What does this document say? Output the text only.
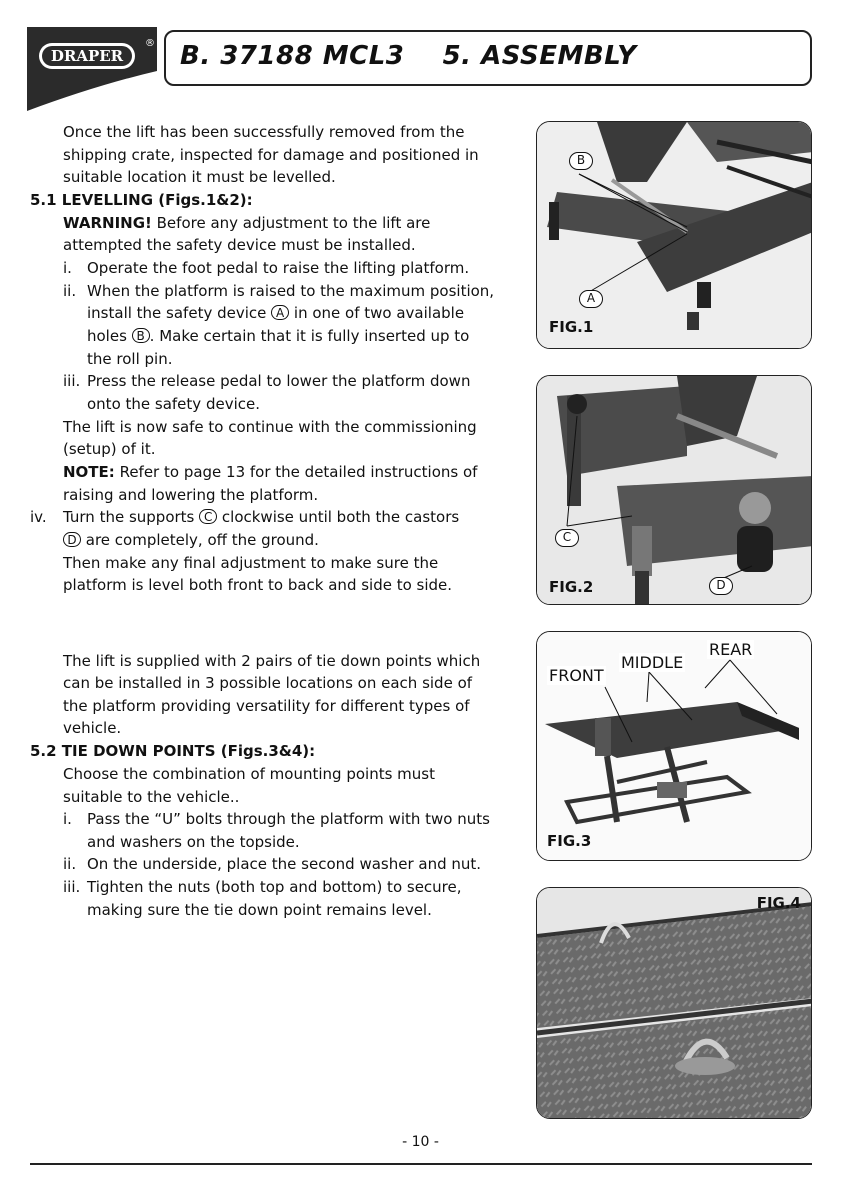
DRAPER
® B. 37188 MCL3    5. ASSEMBLY
Once the lift has been successfully removed from the
shipping crate, inspected for damage and positioned in
suitable location it must be levelled.
5.1 LEVELLING (Figs.1&2):
WARNING! Before any adjustment to the lift are
attempted the safety device must be installed.
i. Operate the foot pedal to raise the lifting platform.
ii. When the platform is raised to the maximum position,
install the safety device A in one of two available
holes B . Make certain that it is fully inserted up to
the roll pin.
iii. Press the release pedal to lower the platform down
onto the safety device.
The lift is now safe to continue with the commissioning
(setup) of it.
NOTE: Refer to page 13 for the detailed instructions of
raising and lowering the platform.
iv. Turn the supports C clockwise until both the castors
D are completely, off the ground.
Then make any final adjustment to make sure the
platform is level both front to back and side to side.
The lift is supplied with 2 pairs of tie down points which
can be installed in 3 possible locations on each side of
the platform providing versatility for different types of
vehicle.
5.2 TIE DOWN POINTS (Figs.3&4):
Choose the combination of mounting points must
suitable to the vehicle..
i. Pass the “U” bolts through the platform with two nuts
and washers on the topside.
ii. On the underside, place the second washer and nut.
iii. Tighten the nuts (both top and bottom) to secure,
making sure the tie down point remains level.
B
A
FIG.1
C
D
FIG.2
FRONT
MIDDLE
REAR
FIG.3
FIG.4
- 10 -
